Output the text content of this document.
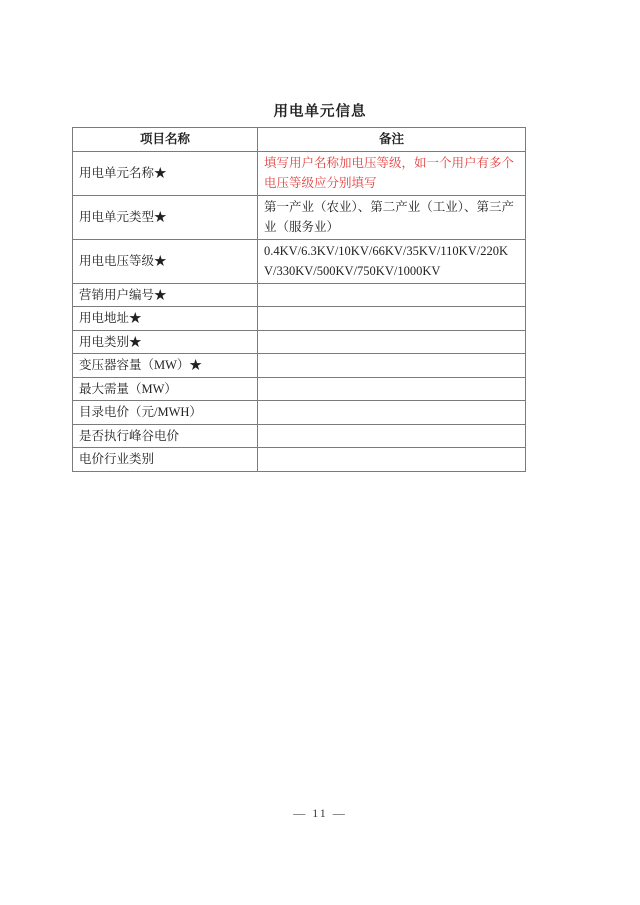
用电单元信息
项目名称	备注
用电单元名称★	填写用户名称加电压等级，如一个用户有多个电压等级应分别填写
用电单元类型★	第一产业（农业）、第二产业（工业）、第三产业（服务业）
用电电压等级★	0.4KV/6.3KV/10KV/66KV/35KV/110KV/220KV/330KV/500KV/750KV/1000KV
营销用户编号★	
用电地址★	
用电类别★	
变压器容量（MW）★	
最大需量（MW）	
目录电价（元/MWH）	
是否执行峰谷电价	
电价行业类别	
— 11 —
